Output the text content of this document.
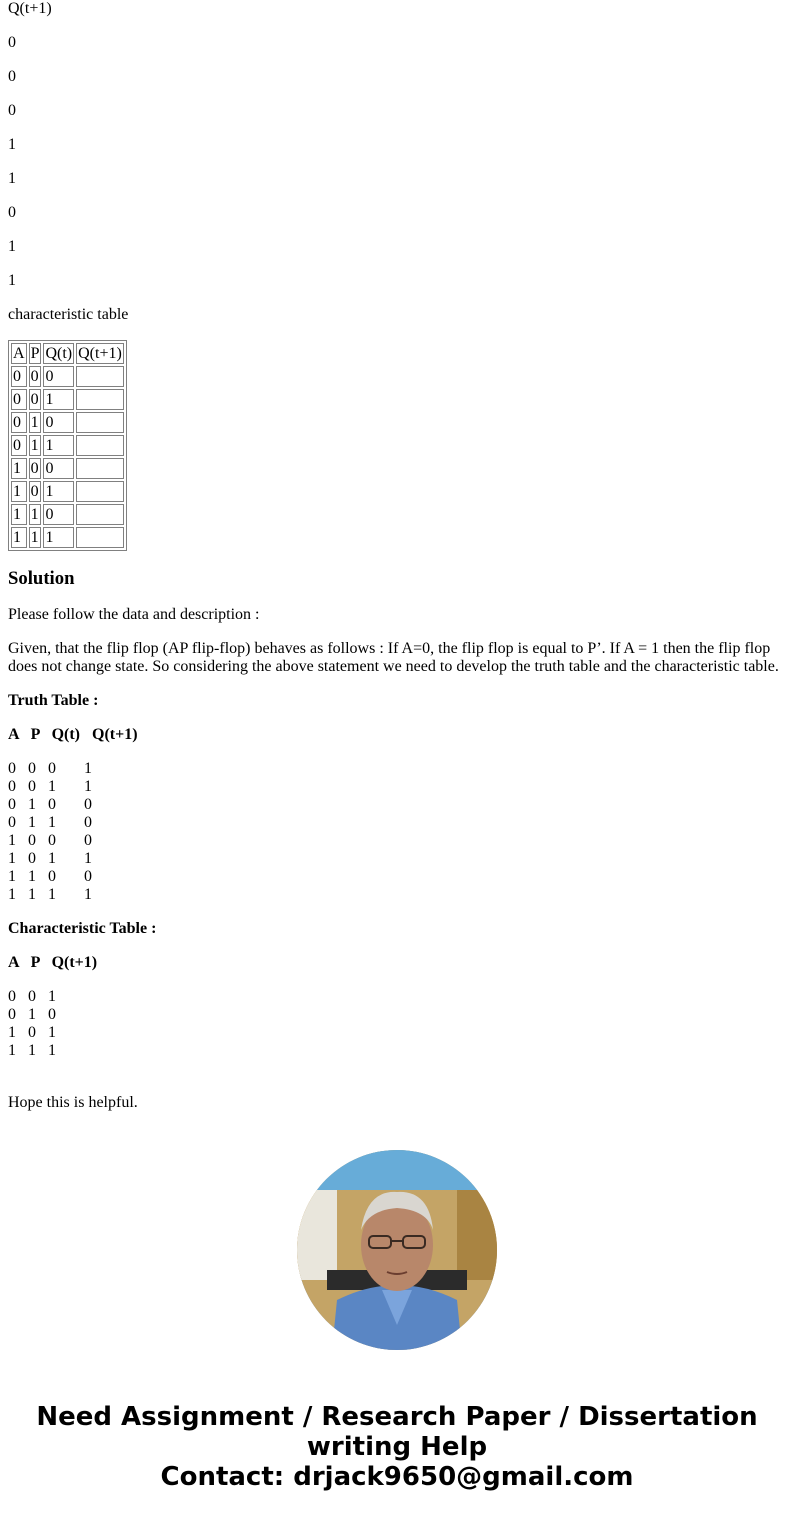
Q(t+1)

0

0

0

1

1

0

1

1

characteristic table

A	P	Q(t)	Q(t+1)
0	0	0	
0	0	1	
0	1	0	
0	1	1	
1	0	0	
1	0	1	
1	1	0	
1	1	1	
Solution

Please follow the data and description :

Given, that the flip flop (AP flip-flop) behaves as follows : If A=0, the flip flop is equal to P’. If A = 1 then the flip flop does not change state. So considering the above statement we need to develop the truth table and the characteristic table.

Truth Table :

A   P   Q(t)   Q(t+1)

0   0   0       1
0   0   1       1
0   1   0       0
0   1   1       0
1   0   0       0
1   0   1       1
1   1   0       0
1   1   1       1

Characteristic Table :

A   P   Q(t+1)

0   0   1
0   1   0
1   0   1
1   1   1

Hope this is helpful.

Need Assignment / Research Paper / Dissertation writing Help
Contact: drjack9650@gmail.com
